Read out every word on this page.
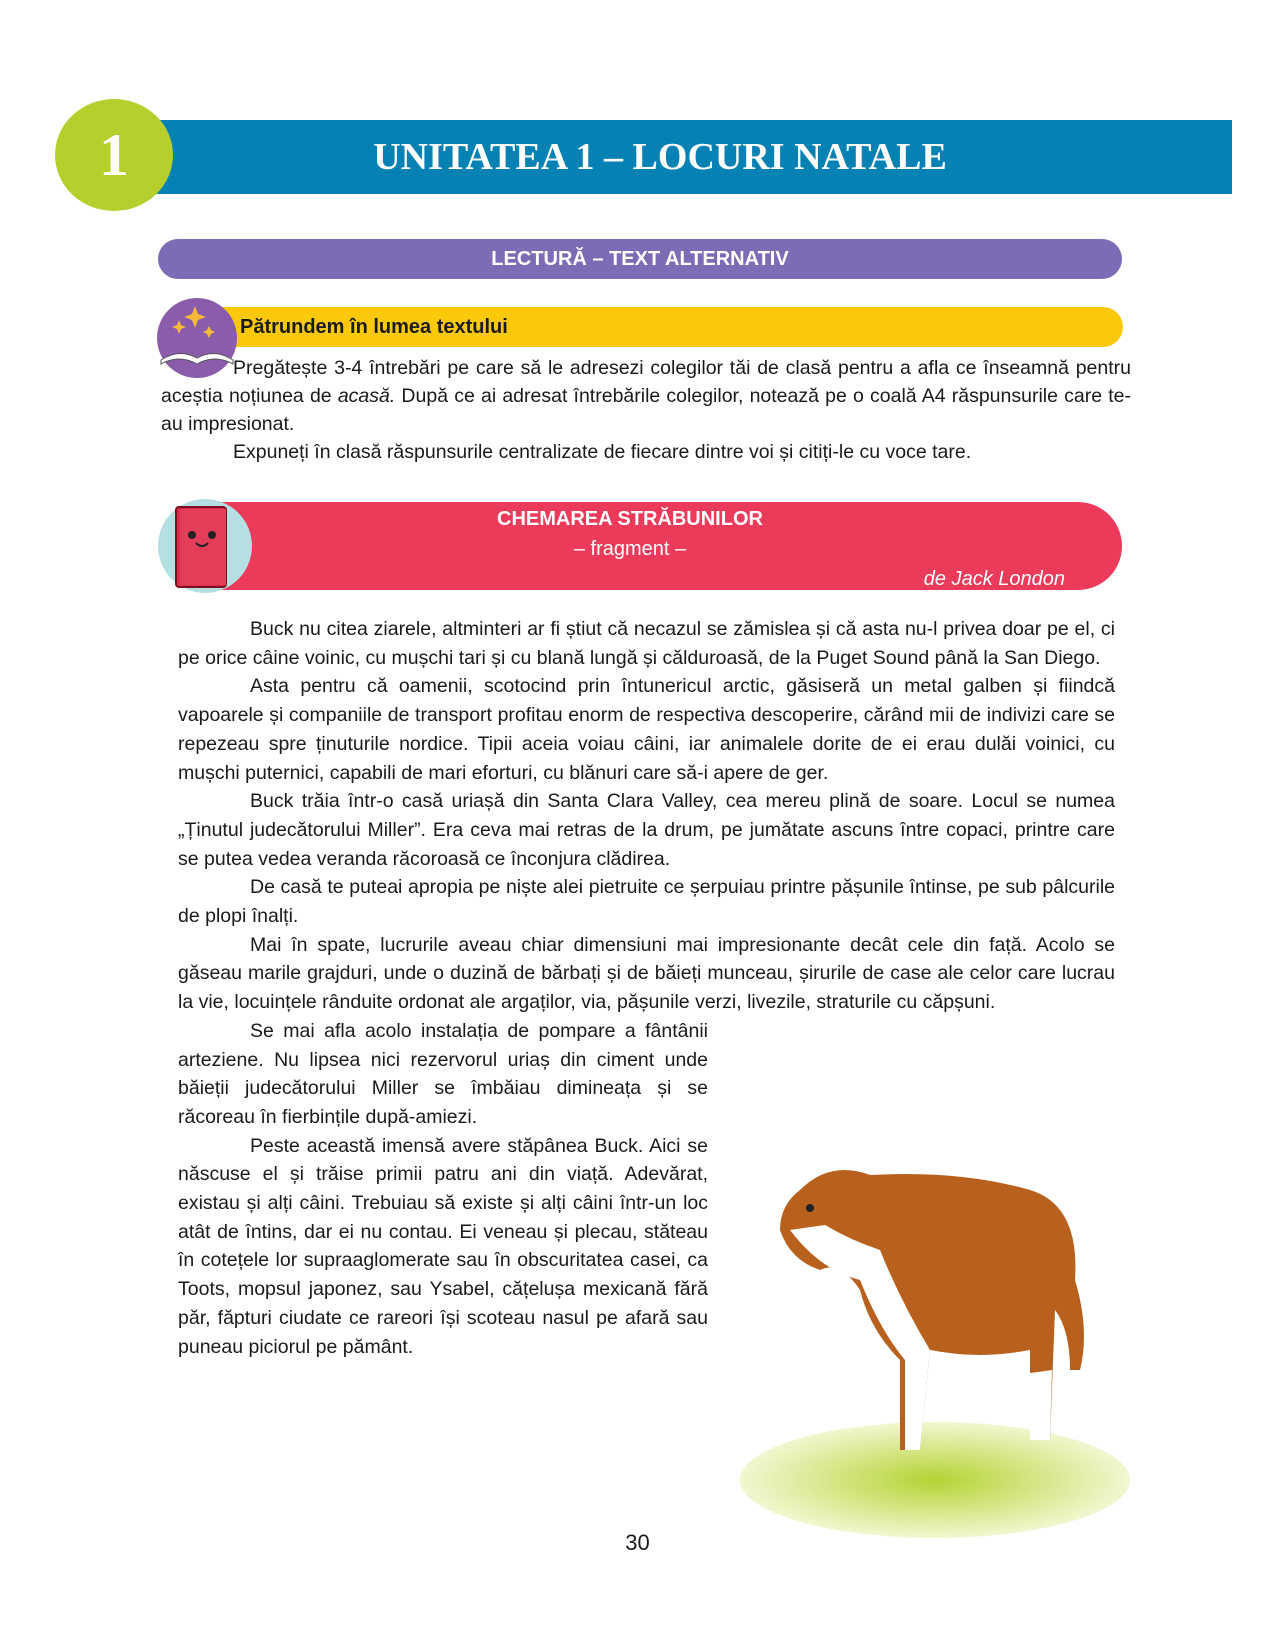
UNITATEA 1 – LOCURI NATALE
1
LECTURĂ – TEXT ALTERNATIV
Pătrundem în lumea textului

Pregătește 3-4 întrebări pe care să le adresezi colegilor tăi de clasă pentru a afla ce înseamnă pentru aceștia noțiunea de acasă. După ce ai adresat întrebările colegilor, notează pe o coală A4 răspunsurile care te-au impresionat.

Expuneți în clasă răspunsurile centralizate de fiecare dintre voi și citiți-le cu voce tare.

CHEMAREA STRĂBUNILOR
– fragment –
de Jack London

Buck nu citea ziarele, altminteri ar fi știut că necazul se zămislea și că asta nu-l privea doar pe el, ci pe orice câine voinic, cu mușchi tari și cu blană lungă și călduroasă, de la Puget Sound până la San Diego.

Asta pentru că oamenii, scotocind prin întunericul arctic, găsiseră un metal galben și fiindcă vapoarele și companiile de transport profitau enorm de respectiva descoperire, cărând mii de indivizi care se repezeau spre ținuturile nordice. Tipii aceia voiau câini, iar animalele dorite de ei erau dulăi voinici, cu mușchi puternici, capabili de mari eforturi, cu blănuri care să-i apere de ger.

Buck trăia într-o casă uriașă din Santa Clara Valley, cea mereu plină de soare. Locul se numea „Ținutul judecătorului Miller”. Era ceva mai retras de la drum, pe jumătate ascuns între copaci, printre care se putea vedea veranda răcoroasă ce înconjura clădirea.

De casă te puteai apropia pe niște alei pietruite ce șerpuiau printre pășunile întinse, pe sub pâlcurile de plopi înalți.

Mai în spate, lucrurile aveau chiar dimensiuni mai impresionante decât cele din față. Acolo se găseau marile grajduri, unde o duzină de bărbați și de băieți munceau, șirurile de case ale celor care lucrau la vie, locuințele rânduite ordonat ale argaților, via, pășunile verzi, livezile, straturile cu căpșuni.

Se mai afla acolo instalația de pompare a fântânii arteziene. Nu lipsea nici rezervorul uriaș din ciment unde băieții judecătorului Miller se îmbăiau dimineața și se răcoreau în fierbințile după-amiezi.

Peste această imensă avere stăpânea Buck. Aici se născuse el și trăise primii patru ani din viață. Adevărat, existau și alți câini. Trebuiau să existe și alți câini într-un loc atât de întins, dar ei nu contau. Ei veneau și plecau, stăteau în cotețele lor supraaglomerate sau în obscuritatea casei, ca Toots, mopsul japonez, sau Ysabel, cățelușa mexicană fără păr, făpturi ciudate ce rareori își scoteau nasul pe afară sau puneau piciorul pe pământ.

30
